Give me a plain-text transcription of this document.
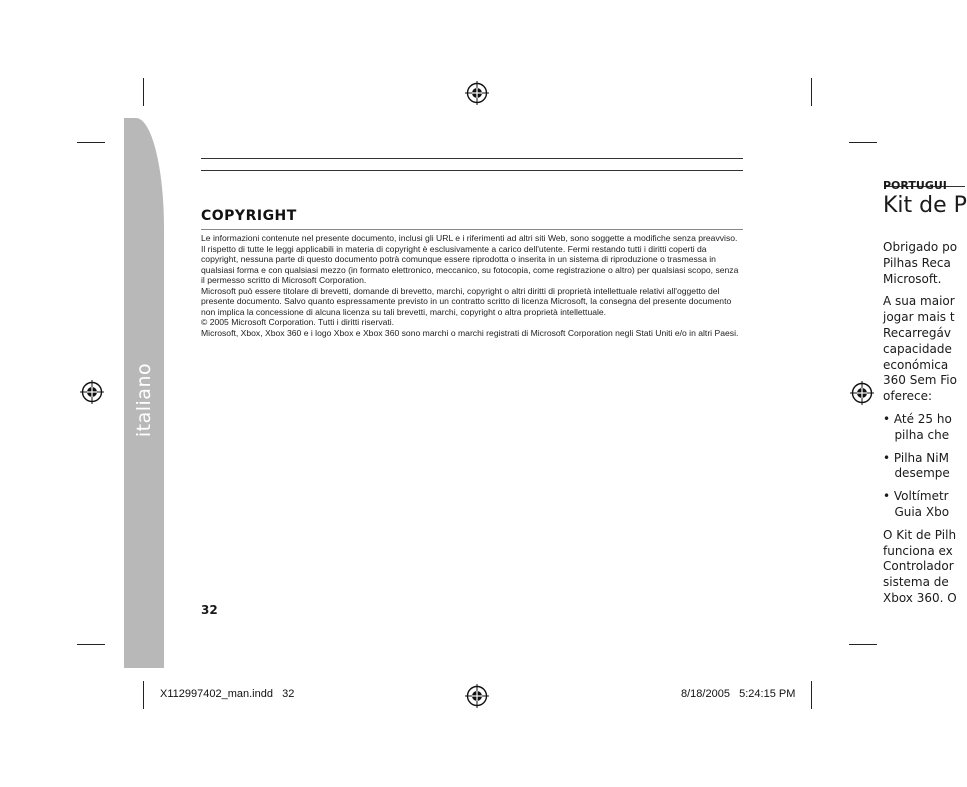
italiano
COPYRIGHT

Le informazioni contenute nel presente documento, inclusi gli URL e i riferimenti ad altri siti Web, sono soggette a modifiche senza preavviso. Il rispetto di tutte le leggi applicabili in materia di copyright è esclusivamente a carico dell'utente. Fermi restando tutti i diritti coperti da copyright, nessuna parte di questo documento potrà comunque essere riprodotta o inserita in un sistema di riproduzione o trasmessa in qualsiasi forma e con qualsiasi mezzo (in formato elettronico, meccanico, su fotocopia, come registrazione o altro) per qualsiasi scopo, senza il permesso scritto di Microsoft Corporation.

Microsoft può essere titolare di brevetti, domande di brevetto, marchi, copyright o altri diritti di proprietà intellettuale relativi all'oggetto del presente documento. Salvo quanto espressamente previsto in un contratto scritto di licenza Microsoft, la consegna del presente documento non implica la concessione di alcuna licenza su tali brevetti, marchi, copyright o altra proprietà intellettuale.

© 2005 Microsoft Corporation. Tutti i diritti riservati.

Microsoft, Xbox, Xbox 360 e i logo Xbox e Xbox 360 sono marchi o marchi registrati di Microsoft Corporation negli Stati Uniti e/o in altri Paesi.

32
X112997402_man.indd   32	8/18/2005   5:24:15 PM
PORTUGUI
Kit de P
Obrigado po
Pilhas Reca
Microsoft.
A sua maior
jogar mais t
Recarregáv
capacidade
económica
360 Sem Fio
oferece:
• Até 25 ho
pilha che
• Pilha NiM
desempe
• Voltímetr
Guia Xbo
O Kit de Pilh
funciona ex
Controlador
sistema de
Xbox 360. O
